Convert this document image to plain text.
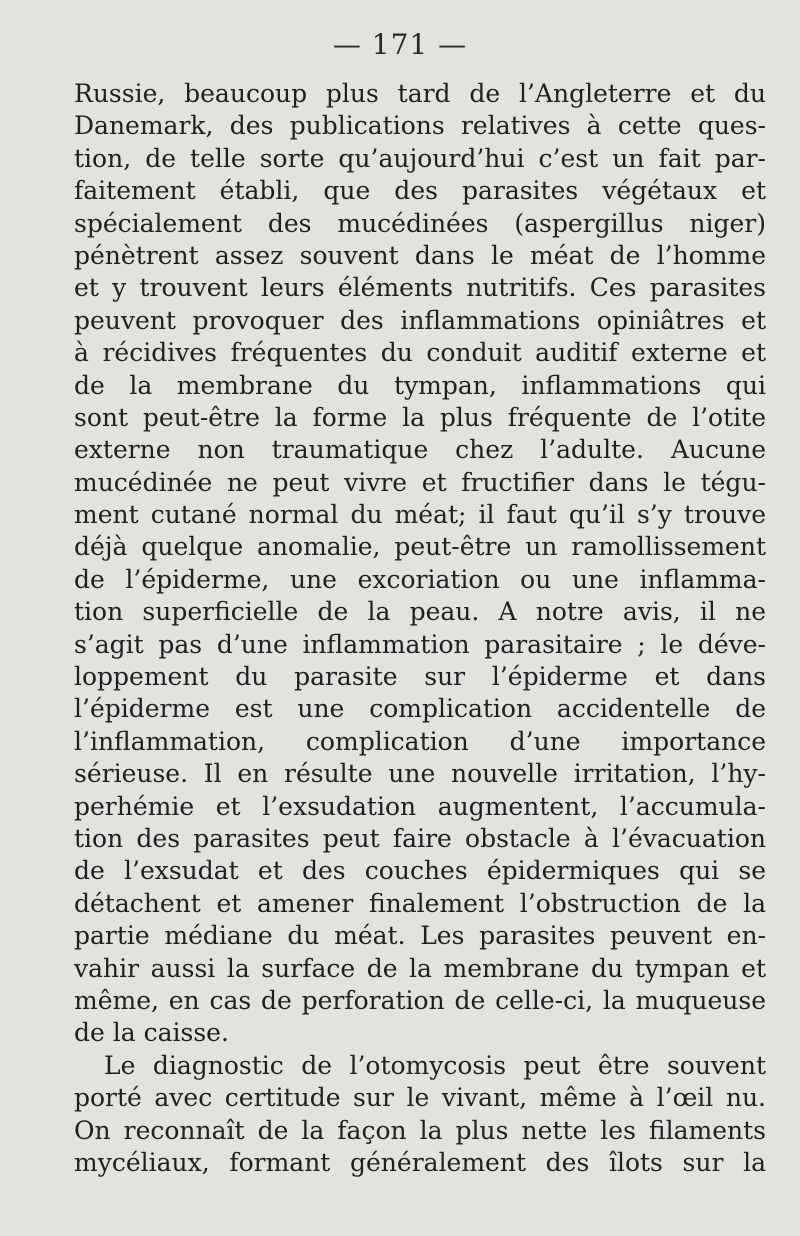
— 171 —
Russie, beaucoup plus tard de l’Angleterre et du
Danemark, des publications relatives à cette ques-
tion, de telle sorte qu’aujourd’hui c’est un fait par-
faitement établi, que des parasites végétaux et
spécialement des mucédinées (aspergillus niger)
pénètrent assez souvent dans le méat de l’homme
et y trouvent leurs éléments nutritifs. Ces parasites
peuvent provoquer des inflammations opiniâtres et
à récidives fréquentes du conduit auditif externe et
de la membrane du tympan, inflammations qui
sont peut-être la forme la plus fréquente de l’otite
externe non traumatique chez l’adulte. Aucune
mucédinée ne peut vivre et fructifier dans le tégu-
ment cutané normal du méat; il faut qu’il s’y trouve
déjà quelque anomalie, peut-être un ramollissement
de l’épiderme, une excoriation ou une inflamma-
tion superficielle de la peau. A notre avis, il ne
s’agit pas d’une inflammation parasitaire ; le déve-
loppement du parasite sur l’épiderme et dans
l’épiderme est une complication accidentelle de
l’inflammation, complication d’une importance
sérieuse. Il en résulte une nouvelle irritation, l’hy-
perhémie et l’exsudation augmentent, l’accumula-
tion des parasites peut faire obstacle à l’évacuation
de l’exsudat et des couches épidermiques qui se
détachent et amener finalement l’obstruction de la
partie médiane du méat. Les parasites peuvent en-
vahir aussi la surface de la membrane du tympan et
même, en cas de perforation de celle-ci, la muqueuse
de la caisse.
Le diagnostic de l’otomycosis peut être souvent
porté avec certitude sur le vivant, même à l’œil nu.
On reconnaît de la façon la plus nette les filaments
mycéliaux, formant généralement des îlots sur la
